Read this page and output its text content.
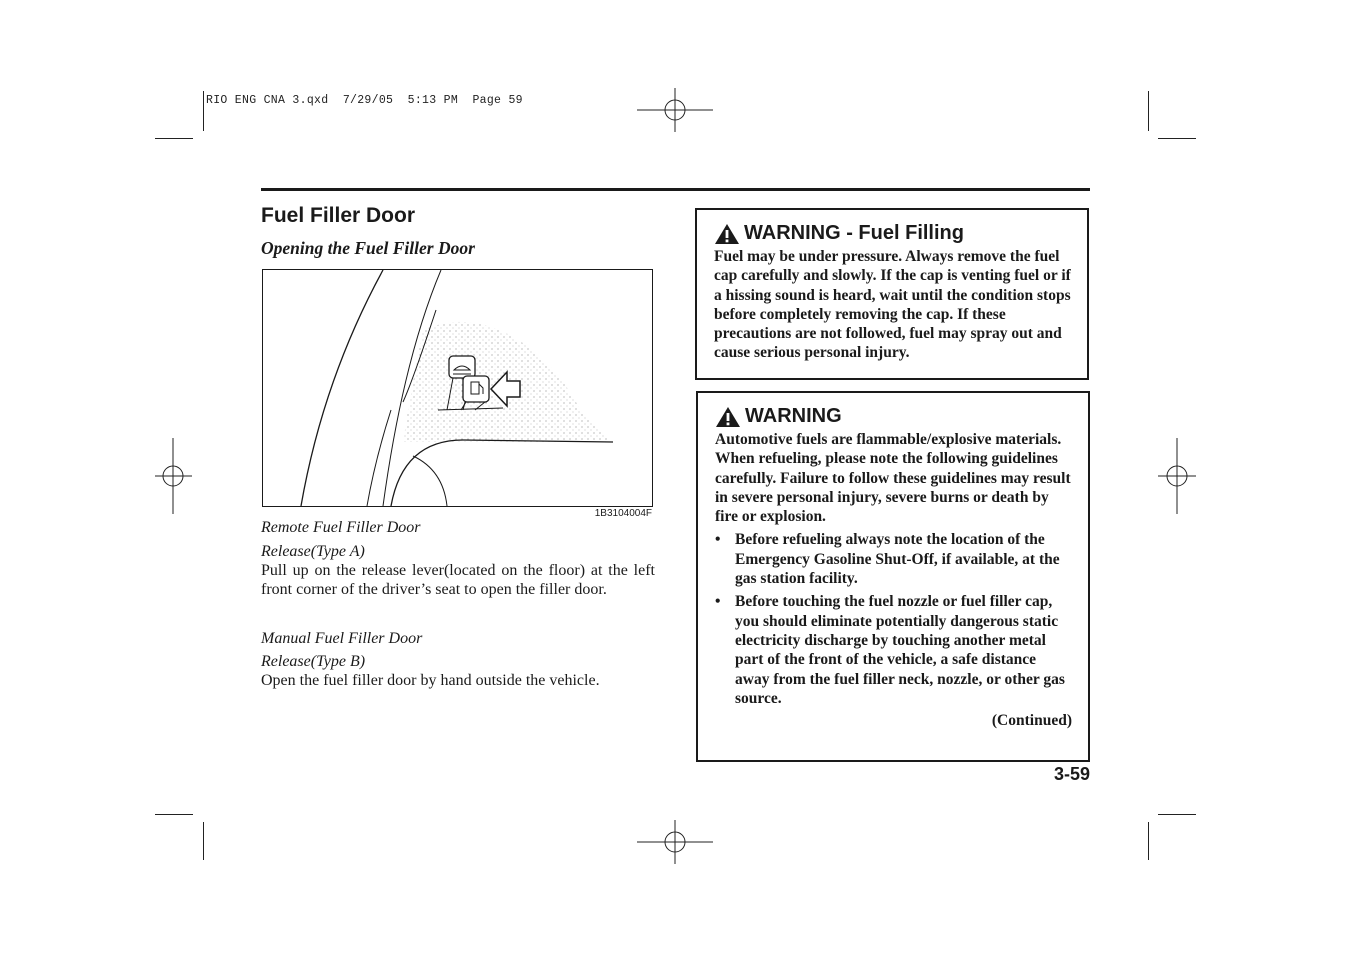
RIO ENG CNA 3.qxd  7/29/05  5:13 PM  Page 59
Fuel Filler Door
Opening the Fuel Filler Door
1B3104004F
Remote Fuel Filler Door
Release(Type A)
Pull up on the release lever(located on the floor) at the left front corner of the driver’s seat to open the filler door.
Manual Fuel Filler Door
Release(Type B)
Open the fuel filler door by hand outside the vehicle.
WARNING - Fuel Filling
Fuel may be under pressure. Always remove the fuel cap carefully and slowly. If the cap is venting fuel or if a hissing sound is heard, wait until the condition stops before completely removing the cap. If these precautions are not followed, fuel may spray out and cause serious personal injury.
WARNING
Automotive fuels are flammable/explosive materials. When refueling, please note the following guidelines carefully. Failure to follow these guidelines may result in severe personal injury, severe burns or death by fire or explosion.
• Before refueling always note the location of the Emergency Gasoline Shut-Off, if available, at the gas station facility.
• Before touching the fuel nozzle or fuel filler cap, you should eliminate potentially dangerous static electricity discharge by touching another metal part of the front of the vehicle, a safe distance away from the fuel filler neck, nozzle, or other gas source.
(Continued)
3-59
